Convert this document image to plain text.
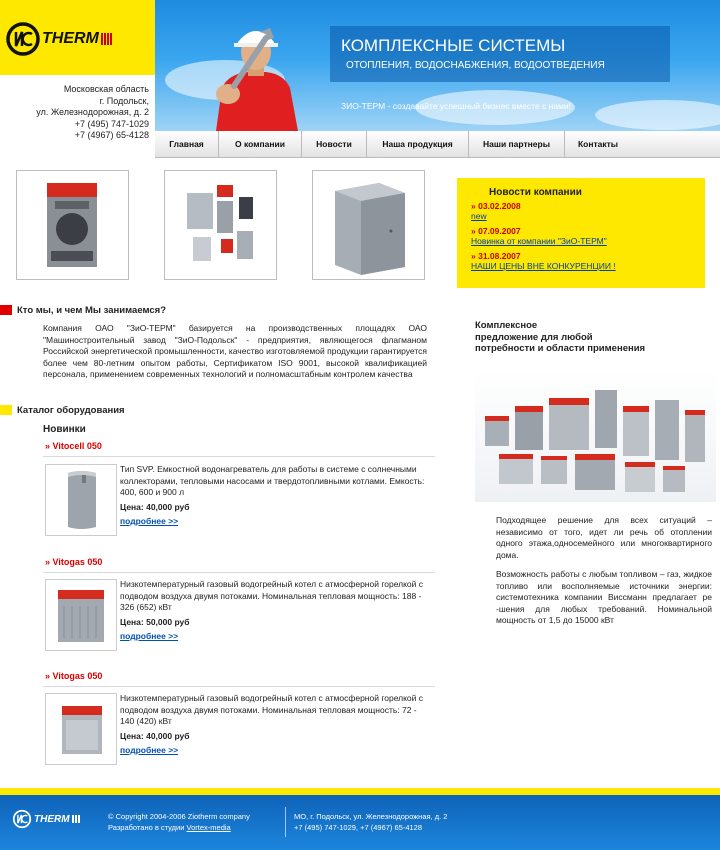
THERM
Московская область
г. Подольск,
ул. Железнодорожная, д. 2
+7 (495) 747-1029
+7 (4967) 65-4128
КОМПЛЕКСНЫЕ СИСТЕМЫ
ОТОПЛЕНИЯ, ВОДОСНАБЖЕНИЯ, ВОДООТВЕДЕНИЯ
ЗИО-ТЕРМ - создавайте успешный бизнес вместе с нами!
Главная	О компании	Новости	Наша продукция	Наши партнеры	Контакты
Новости компании
» 03.02.2008
new
» 07.09.2007
Новинка от компании "ЗиО-ТЕРМ"
» 31.08.2007
НАШИ ЦЕНЫ ВНЕ КОНКУРЕНЦИИ !
Кто мы, и чем Мы занимаемся?
Компания ОАО "ЗиО-ТЕРМ" базируется на производственных площадях ОАО "Машиностроительный завод "ЗиО-Подольск" - предприятия, являющегося флагманом Российской энергетической промышленности, качество изготовляемой продукции гарантируется более чем 80-летним опытом работы, Сертификатом ISO 9001, высокой квалификацией персонала, применением современных технологий и полномасштабным контролем качества
Каталог оборудования
Новинки
» Vitocell 050
Тип SVP. Емкостной водонагреватель для работы в системе с солнечными коллекторами, тепловыми насосами и твердотопливными котлами. Емкость: 400, 600 и 900 л
Цена: 40,000 руб
подробнее >>
» Vitogas 050
Низкотемпературный газовый водогрейный котел с атмосферной горелкой с подводом воздуха двумя потоками. Номинальная тепловая мощность: 188 - 326 (652) кВт
Цена: 50,000 руб
подробнее >>
» Vitogas 050
Низкотемпературный газовый водогрейный котел с атмосферной горелкой с подводом воздуха двумя потоками. Номинальная тепловая мощность: 72 - 140 (420) кВт
Цена: 40,000 руб
подробнее >>
Комплексное
предложение для любой
потребности и области применения
Подходящее решение для всех ситуаций – независимо от того, идет ли речь об отоплении одного этажа,односемейного или многоквартирного дома.
Возможность работы с любым топливом – газ, жидкое топливо или восполняемые источники энергии: системотехника компании Виссманн предлагает ре -шения для любых требований. Номинальной мощность от 1,5 до 15000 кВт
THERM	© Copyright 2004-2006 Ziotherm company
Разработано в студии Vortex-media
МО, г. Подольск, ул. Железнодорожная, д. 2
+7 (495) 747-1029, +7 (4967) 65-4128
